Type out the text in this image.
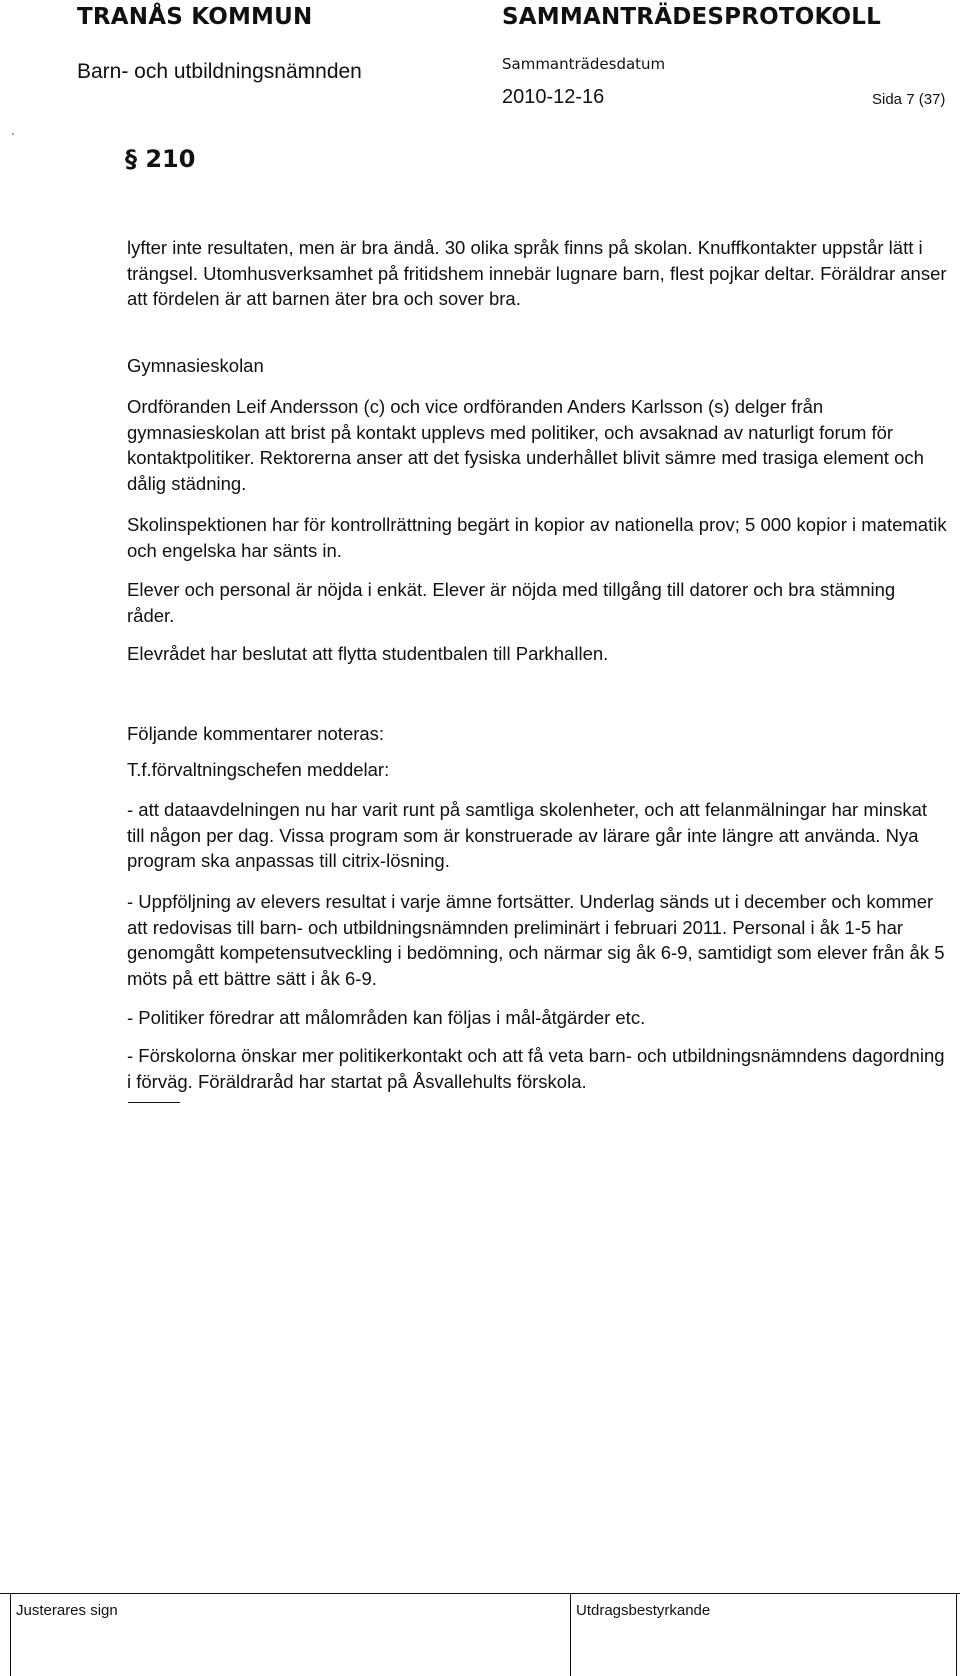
TRANÅS KOMMUN
Barn- och utbildningsnämnden
SAMMANTRÄDESPROTOKOLL
Sammanträdesdatum
2010-12-16	Sida 7 (37)
'
§ 210

lyfter inte resultaten, men är bra ändå. 30 olika språk finns på skolan. Knuffkontakter uppstår lätt i trängsel. Utomhusverksamhet på fritidshem innebär lugnare barn, flest pojkar deltar. Föräldrar anser att fördelen är att barnen äter bra och sover bra.

Gymnasieskolan

Ordföranden Leif Andersson (c) och vice ordföranden Anders Karlsson (s) delger från gymnasieskolan att brist på kontakt upplevs med politiker, och avsaknad av naturligt forum för kontaktpolitiker. Rektorerna anser att det fysiska underhållet blivit sämre med trasiga element och dålig städning.

Skolinspektionen har för kontrollrättning begärt in kopior av nationella prov; 5 000 kopior i matematik och engelska har sänts in.

Elever och personal är nöjda i enkät. Elever är nöjda med tillgång till datorer och bra stämning råder.

Elevrådet har beslutat att flytta studentbalen till Parkhallen.

Följande kommentarer noteras:

T.f.förvaltningschefen meddelar:

- att dataavdelningen nu har varit runt på samtliga skolenheter, och att felanmälningar har minskat till någon per dag. Vissa program som är konstruerade av lärare går inte längre att använda. Nya program ska anpassas till citrix-lösning.

- Uppföljning av elevers resultat i varje ämne fortsätter. Underlag sänds ut i december och kommer att redovisas till barn- och utbildningsnämnden preliminärt i februari 2011. Personal i åk 1-5 har genomgått kompetensutveckling i bedömning, och närmar sig åk 6-9, samtidigt som elever från åk 5 möts på ett bättre sätt i åk 6-9.

- Politiker föredrar att målområden kan följas i mål-åtgärder etc.

- Förskolorna önskar mer politikerkontakt och att få veta barn- och utbildningsnämndens dagordning i förväg. Föräldraråd har startat på Åsvallehults förskola.

Justerares sign	Utdragsbestyrkande
